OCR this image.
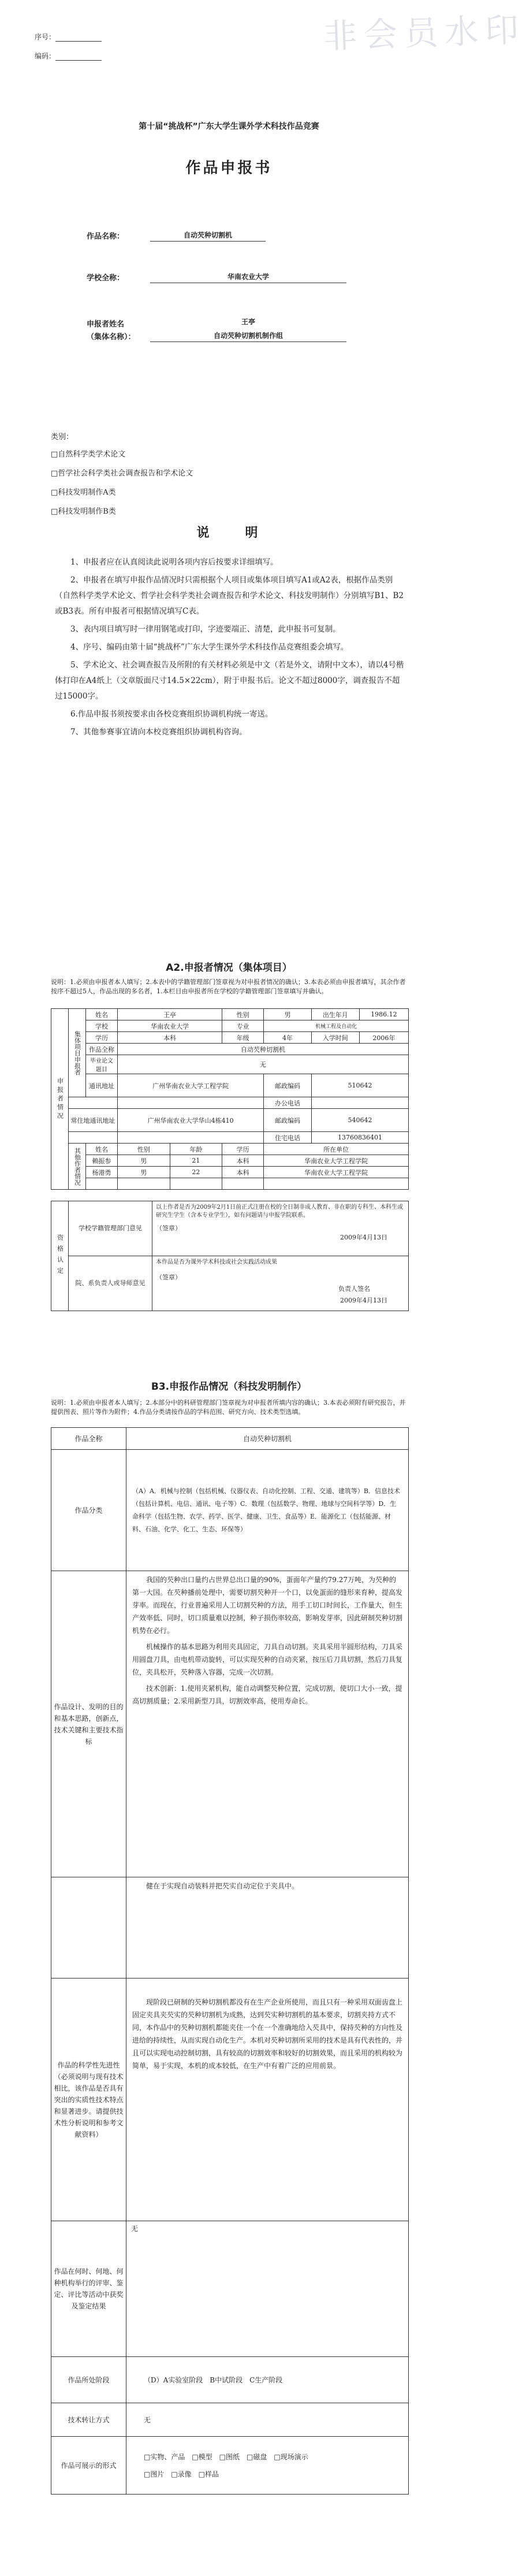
非会员水印
序号：
编码：
第十届“挑战杯”广东大学生课外学术科技作品竞赛
作品申报书
作品名称：	自动芡种切割机
学校全称：	华南农业大学
申报者姓名
（集体名称）：
王亭
自动芡种切割机制作组
类别：
□自然科学类学术论文
□哲学社会科学类社会调查报告和学术论文
□科技发明制作A类
□科技发明制作B类
说　　明

1、申报者应在认真阅读此说明各项内容后按要求详细填写。

2、申报者在填写申报作品情况时只需根据个人项目或集体项目填写A1或A2表，根据作品类别（自然科学类学术论文、哲学社会科学类社会调查报告和学术论文、科技发明制作）分别填写B1、B2或B3表。所有申报者可根据情况填写C表。

3、表内项目填写时一律用钢笔或打印，字迹要端正、清楚，此申报书可复制。

4、序号、编码由第十届“挑战杯”广东大学生课外学术科技作品竞赛组委会填写。

5、学术论文、社会调查报告及所附的有关材料必须是中文（若是外文，请附中文本），请以4号楷体打印在A4纸上（文章版面尺寸14.5×22cm），附于申报书后。论文不超过8000字，调查报告不超过15000字。

6.作品申报书须按要求由各校竞赛组织协调机构统一寄送。

7、其他参赛事宜请向本校竞赛组织协调机构咨询。

A2.申报者情况（集体项目）
说明：1.必须由申报者本人填写；2.本表中的学籍管理部门签章视为对申报者情况的确认；3.本表必须由申报者填写，其余作者按序不超过5人，作品出现的多名者，1.本栏目由申报者所在学校的学籍管理部门签章填写并确认。
申报者情况	集体项目申报者	姓名	王亭		性别	男	出生年月	1986.12
		学校	华南农业大学		专业	机械工程及自动化		
		学历	本科		年级	4年	入学时间	2006年
		作品全称	自动芡种切割机					
		毕业论文题目	无					
		通讯地址	广州华南农业大学工程学院			邮政编码	510642	
						办公电话		
	常住地通讯地址		广州华南农业大学华山4栋410			邮政编码	540642	
						住宅电话	13760836401	
	其他作者情况	姓名	性别	年龄	学历	所在单位		
		赖振参	男	21	本科	华南农业大学工程学院		
		杨港勇	男	22	本科	华南农业大学工程学院		

资格认定	学校学籍管理部门意见	以上作者是否为2009年2月1日前正式注册在校的全日制非成人教育、非在职的专科生、本科生或研究生学生（含本专业学生），如有问题请与申报学院联系。
（签章）
2009年4月13日

	院、系负责人或导师意见	本作品是否为课外学术科技或社会实践活动成果
（签章）
负责人签名
2009年4月13日
B3.申报作品情况（科技发明制作）
说明：1.必须由申报者本人填写；2.本部分中的科研管理部门签章视为对申报者所填内容的确认；3.本表必须附有研究报告，并提供图表、照片等作为附件；4.作品分类请按作品的学科范围、研究方向、技术类型选填。
作品全称	自动芡种切割机
作品分类	（A）A．机械与控制（包括机械、仪器仪表、自动化控制、工程、交通、建筑等）B．信息技术（包括计算机、电信、通讯、电子等）C．数理（包括数学、物理、地球与空间科学等）D．生命科学（包括生物、农学、药学、医学、健康、卫生、食品等）E．能源化工（包括能源、材料、石油、化学、化工、生态、环保等）
作品设计、发明的目的和基本思路，创新点，技术关键和主要技术指标	我国的芡种出口量约占世界总出口量的90%，蛋面年产量约79.27万吨，为芡种的第一大国。在芡种播前处理中，需要切割芡种开一个口，以免蛋面的缝形来育种，提高发芽率。而现在，行业普遍采用人工切割芡种的方法，用手工切口时间长，工作量大，但生产效率低、同时，切口质量难以控制，种子损伤率较高，影响发芽率，因此研制芡种切割机势在必行。

机械操作的基本思路为利用夹具固定，刀具自动切割。夹具采用半圆形结构，刀具采用圆盘刀具，由电机带动旋转，可以实现芡种的自动夹紧，按压后刀具切割，然后刀具复位，夹具松开，芡种落入容器，完成一次切割。

技术创新：1.使用夹紧机构，能自动调整芡种位置，完成切割，使切口大小一致，提高切割质量；2.采用新型刀具，切割效率高，使用寿命长。

	健在于实现自动装料并把芡实自动定位于夹具中。
作品的科学性先进性（必须说明与现有技术相比，该作品是否具有突出的实质性技术特点和显著进步。请提供技术性分析说明和参考文献资料）	现阶段已研制的芡种切割机都没有在生产企业所使用，而且只有一种采用双面齿盘上固定夹具夹芡实的芡种切割机为成熟，达到芡实种切割机的基本要求，切割夹持方式不同，本作品中的芡种切割机都能夹住一个在一个准确地给入芡具中，保持芡种的方向性及进给的持续性，从而实现自动化生产。本机对芡种切割所采用的技术是具有代表性的，并且可以实现电动控制切割，具有较高的切割效率和较好的切割效果，而且采用的机构较为简单，易于实现，本机的成本较低，在生产中有着广泛的应用前景。
作品在何时、何地、何种机构举行的评审、鉴定、评比等活动中获奖及鉴定结果	无
作品所处阶段	（D）A实验室阶段　B中试阶段　C生产阶段
技术转让方式	无
作品可展示的形式	□实物、产品　□模型　□图纸　□磁盘　□现场演示
□图片　□录像　□样品
